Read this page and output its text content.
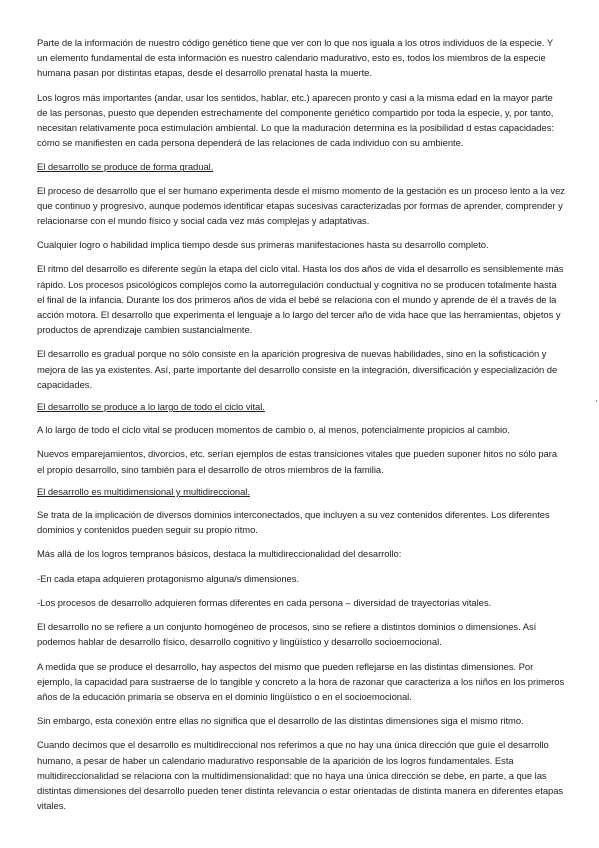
Parte de la información de nuestro código genético tiene que ver con lo que nos iguala a los otros individuos de la especie. Y un elemento fundamental de esta información es nuestro calendario madurativo, esto es, todos los miembros de la especie humana pasan por distintas etapas, desde el desarrollo prenatal hasta la muerte.

Los logros más importantes (andar, usar los sentidos, hablar, etc.) aparecen pronto y casi a la misma edad en la mayor parte de las personas, puesto que dependen estrechamente del componente genético compartido por toda la especie, y, por tanto, necesitan relativamente poca estimulación ambiental. Lo que la maduración determina es la posibilidad d estas capacidades: cómo se manifiesten en cada persona dependerá de las relaciones de cada individuo con su ambiente.

El desarrollo se produce de forma gradual.

El proceso de desarrollo que el ser humano experimenta desde el mismo momento de la gestación es un proceso lento a la vez que continuo y progresivo, aunque podemos identificar etapas sucesivas caracterizadas por formas de aprender, comprender y relacionarse con el mundo físico y social cada vez más complejas y adaptativas.

Cualquier logro o habilidad implica tiempo desde sus primeras manifestaciones hasta su desarrollo completo.

El ritmo del desarrollo es diferente según la etapa del ciclo vital. Hasta los dos años de vida el desarrollo es sensiblemente más rápido. Los procesos psicológicos complejos como la autorregulación conductual y cognitiva no se producen totalmente hasta el final de la infancia. Durante los dos primeros años de vida el bebé se relaciona con el mundo y aprende de él a través de la acción motora. El desarrollo que experimenta el lenguaje a lo largo del tercer año de vida hace que las herramientas, objetos y productos de aprendizaje cambien sustancialmente.

El desarrollo es gradual porque no sólo consiste en la aparición progresiva de nuevas habilidades, sino en la sofisticación y mejora de las ya existentes. Así, parte importante del desarrollo consiste en la integración, diversificación y especialización de capacidades.

El desarrollo se produce a lo largo de todo el ciclo vital.

A lo largo de todo el ciclo vital se producen momentos de cambio o, al menos, potencialmente propicios al cambio.

Nuevos emparejamientos, divorcios, etc. serían ejemplos de estas transiciones vitales que pueden suponer hitos no sólo para el propio desarrollo, sino también para el desarrollo de otros miembros de la familia.

El desarrollo es multidimensional y multidireccional.

Se trata de la implicación de diversos dominios interconectados, que incluyen a su vez contenidos diferentes. Los diferentes dominios y contenidos pueden seguir su propio ritmo.

Más allá de los logros tempranos básicos, destaca la multidireccionalidad del desarrollo:

-En cada etapa adquieren protagonismo alguna/s dimensiones.

-Los procesos de desarrollo adquieren formas diferentes en cada persona – diversidad de trayectorias vitales.

El desarrollo no se refiere a un conjunto homogéneo de procesos, sino se refiere a distintos dominios o dimensiones. Así podemos hablar de desarrollo físico, desarrollo cognitivo y lingüístico y desarrollo socioemocional.

A medida que se produce el desarrollo, hay aspectos del mismo que pueden reflejarse en las distintas dimensiones. Por ejemplo, la capacidad para sustraerse de lo tangible y concreto a la hora de razonar que caracteriza a los niños en los primeros años de la educación primaria se observa en el dominio lingüístico o en el socioemocional.

Sin embargo, esta conexión entre ellas no significa que el desarrollo de las distintas dimensiones siga el mismo ritmo.

Cuando decimos que el desarrollo es multidireccional nos referimos a que no hay una única dirección que guíe el desarrollo humano, a pesar de haber un calendario madurativo responsable de la aparición de los logros fundamentales. Esta multidireccionalidad se relaciona con la multidimensionalidad: que no haya una única dirección se debe, en parte, a que las distintas dimensiones del desarrollo pueden tener distinta relevancia o estar orientadas de distinta manera en diferentes etapas vitales.
